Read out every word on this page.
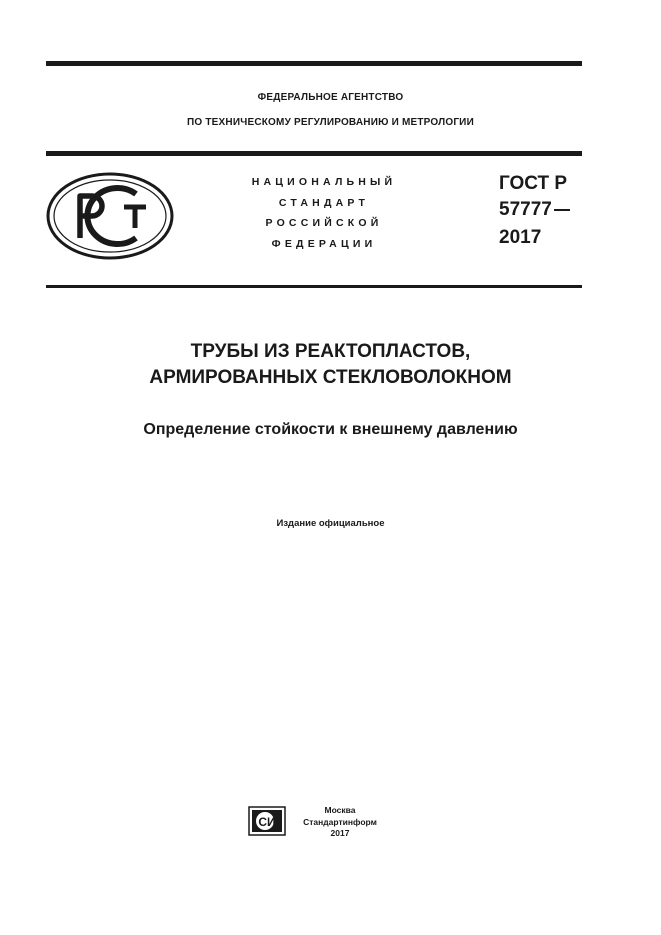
ФЕДЕРАЛЬНОЕ АГЕНТСТВО
ПО ТЕХНИЧЕСКОМУ РЕГУЛИРОВАНИЮ И МЕТРОЛОГИИ
НАЦИОНАЛЬНЫЙ
СТАНДАРТ
РОССИЙСКОЙ
ФЕДЕРАЦИИ
ГОСТ Р
57777
2017
ТРУБЫ ИЗ РЕАКТОПЛАСТОВ,
АРМИРОВАННЫХ СТЕКЛОВОЛОКНОМ
Определение стойкости к внешнему давлению
Издание официальное
СИ
Москва
Стандартинформ
2017
